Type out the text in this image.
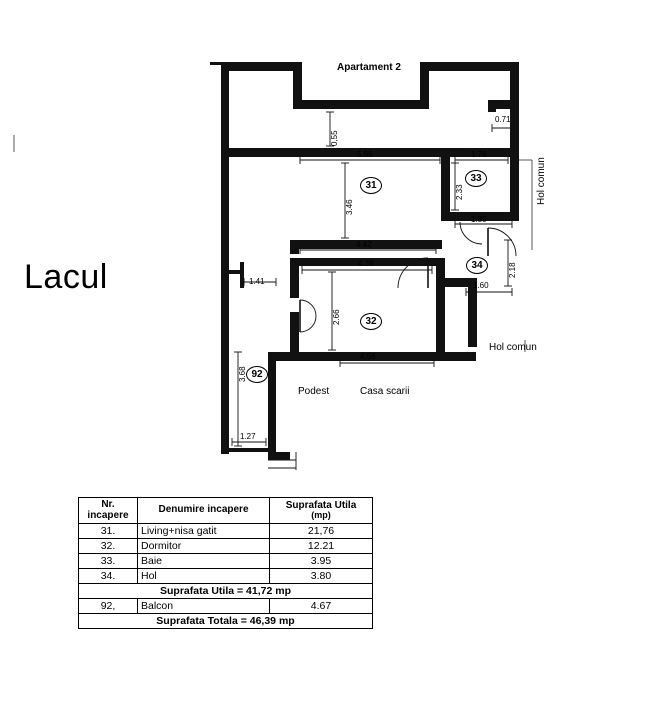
Lacul
Apartament 2
Hol comun
Hol comun
Podest	Casa scarii
31
32
33
34
92
0,55
0.71
5.86	1.76
3.46
2.33
1.85
4.42
4.39	2.18
1.41	1.60
2.66
4.58
3.68
1.27
Nr.
incapere	Denumire incapere	Suprafata Utila
(mp)

31.	Living+nisa gatit	21,76
32.	Dormitor	12.21
33.	Baie	3.95
34.	Hol	3.80
Suprafata Utila = 41,72 mp		
92,	Balcon	4.67
Suprafata Totala = 46,39 mp		
